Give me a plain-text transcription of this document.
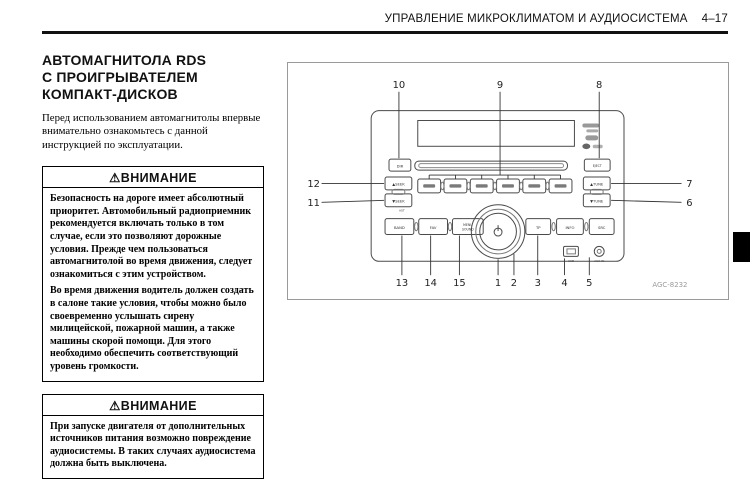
УПРАВЛЕНИЕ МИКРОКЛИМАТОМ И АУДИОСИСТЕМА 4–17
АВТОМАГНИТОЛА RDS
С ПРОИГРЫВАТЕЛЕМ
КОМПАКТ-ДИСКОВ
Перед использованием автомагнитолы впервые внимательно ознакомьтесь с данной инструкцией по эксплуатации.
⚠ВНИМАНИЕ

Безопасность на дороге имеет абсолютный приоритет. Автомобильный радиоприемник рекомендуется включать только в том случае, если это позволяют дорожные условия. Прежде чем пользоваться автомагнитолой во время движения, следует ознакомиться с этим устройством.

Во время движения водитель должен создать в салоне такие условия, чтобы можно было своевременно услышать сирену милицейской, пожарной машин, а также машины скорой помощи. Для этого необходимо обеспечить соответствующий уровень громкости.

⚠ВНИМАНИЕ

При запуске двигателя от дополнительных источников питания возможно повреждение аудиосистемы. В таких случаях аудиосистема должна быть выключена.

DIR	EJECT
▲SEEK
▼SEEK
AST
▲TUNE
▼TUNE
BAND	FAV
MENU
SOUND	TP	INFO	SRC
USB	AUX IN
10	9	8
12
11
7
6
13 14 15	1 2 3 4 5	AGC-8232
